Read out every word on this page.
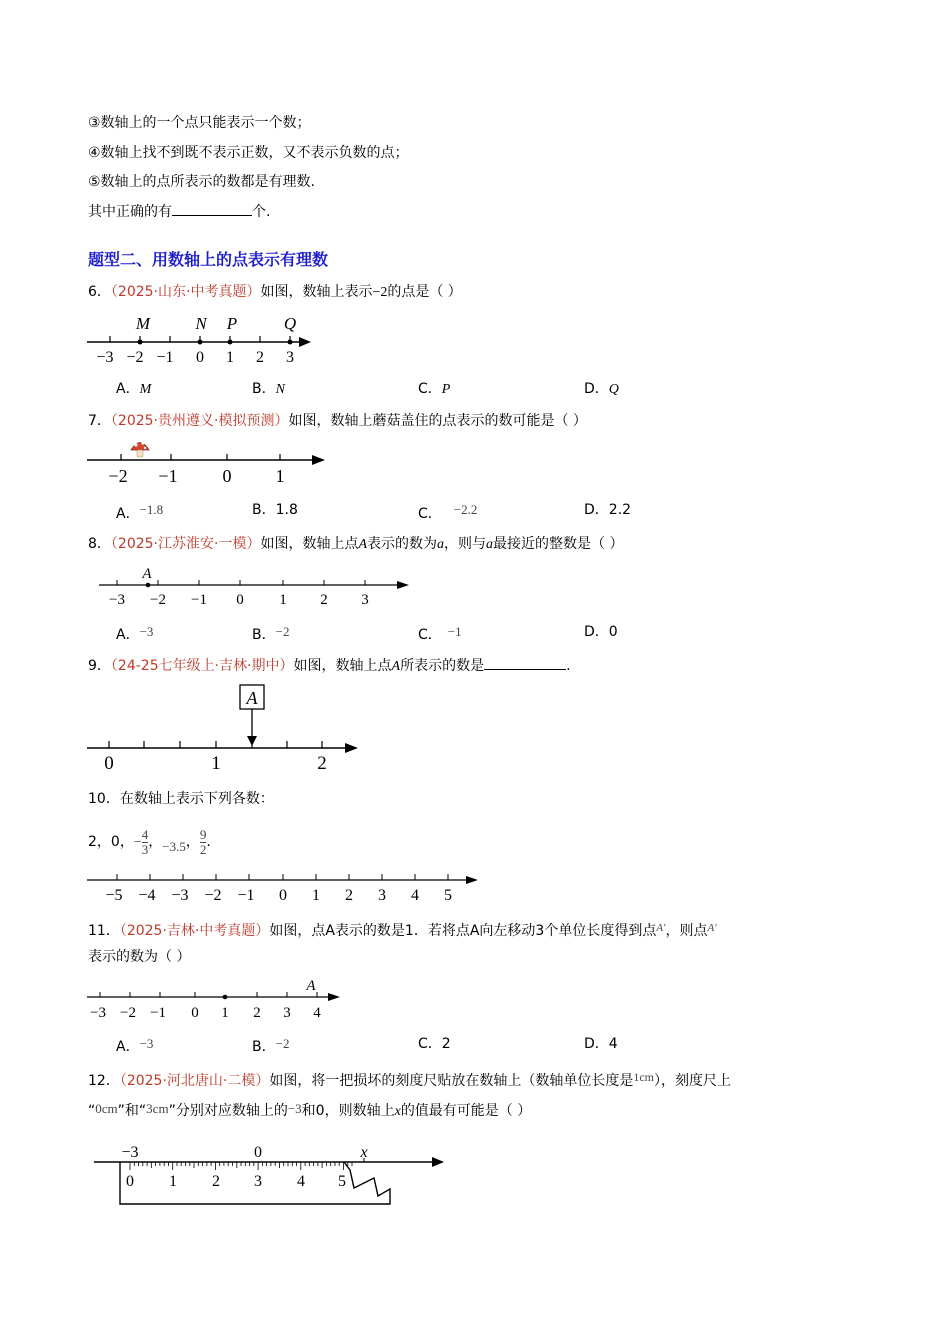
③数轴上的一个点只能表示一个数；
④数轴上找不到既不表示正数，又不表示负数的点；
⑤数轴上的点所表示的数都是有理数.
其中正确的有	个.
题型二、用数轴上的点表示有理数
6．（2025·山东·中考真题）如图，数轴上表示−2的点是（ ）
M	N P	Q
−3 −2 −1 0 1 2 3
A．M	B．N	C．P	D．Q
7．（2025·贵州遵义·模拟预测）如图，数轴上蘑菇盖住的点表示的数可能是（ ）
−2 −1 0 1
A．−1.8	B．1.8	C． −2.2	D．2.2
8．（2025·江苏淮安·一模）如图，数轴上点A表示的数为a，则与a最接近的整数是（ ）
A
−3 −2 −1 0 1 2 3
A．−3	B．−2	C． −1	D．0
9．（24-25七年级上·吉林·期中）如图，数轴上点A所表示的数是	.
A
0	1	2
10．在数轴上表示下列各数：
2，0，− $\frac{4}{3}$ ，−3.5， $\frac{9}{2}$ .
−5 −4 −3 −2 −1 0 1 2 3 4 5
11．（2025·吉林·中考真题）如图，点A表示的数是1．若将点A向左移动3个单位长度得到点$^{A'}$，则点$^{A'}$
表示的数为（ ）
A
−3 −2 −1 0 1 2 3 4
A．−3	B．−2	C．2	D．4
12．（2025·河北唐山·二模）如图，将一把损坏的刻度尺贴放在数轴上（数轴单位长度是1cm），刻度尺上
“0cm”和“3cm”分别对应数轴上的−3和0，则数轴上x的值最有可能是（ ）
−3	0	x
0 1 2 3 4 5
